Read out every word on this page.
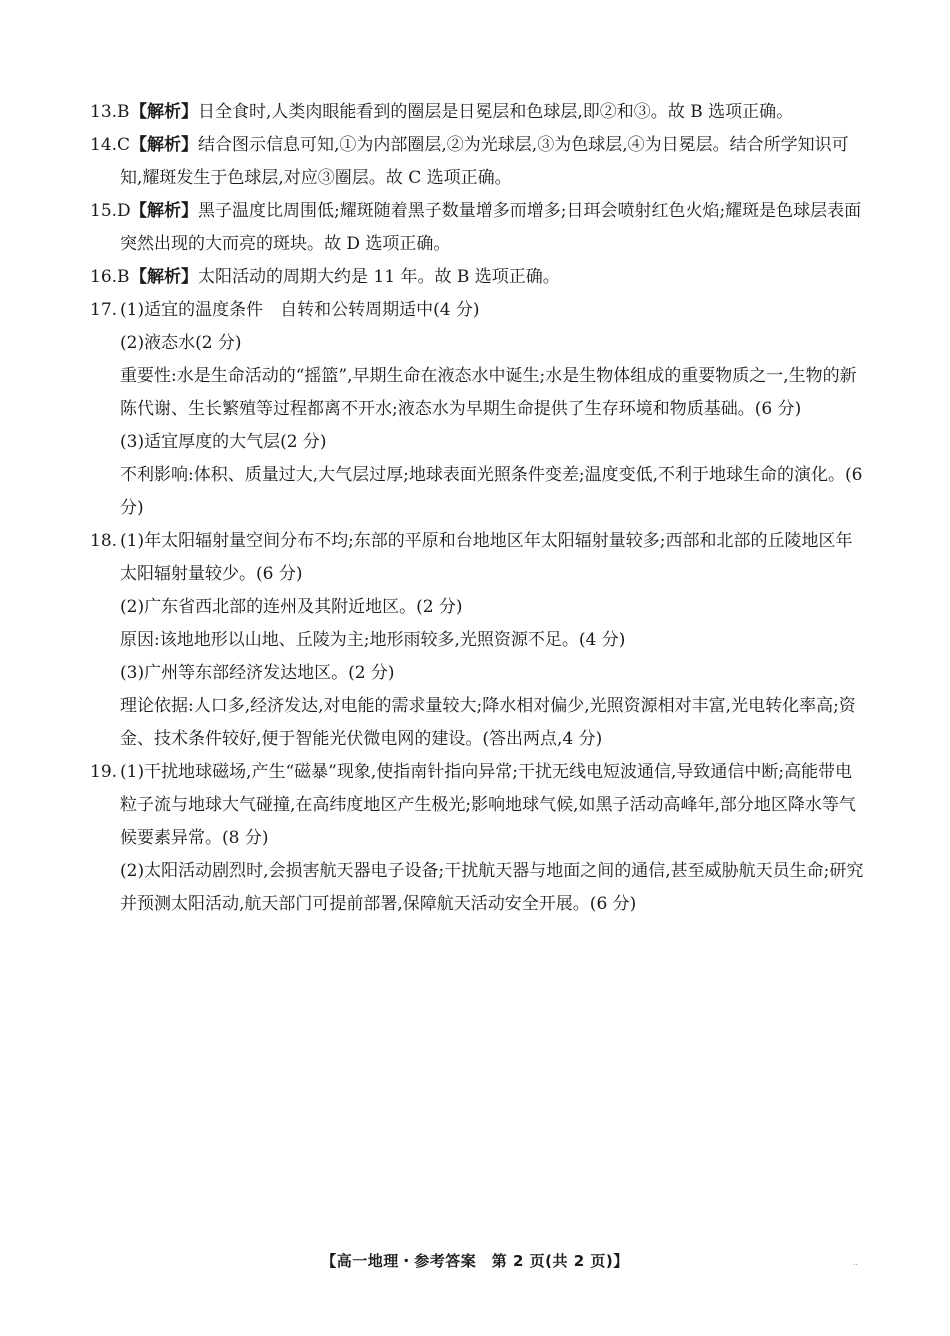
13.B 【解析】日全食时,人类肉眼能看到的圈层是日冕层和色球层,即②和③。故 B 选项正确。
14.C 【解析】结合图示信息可知,①为内部圈层,②为光球层,③为色球层,④为日冕层。结合所学知识可知,耀斑发生于色球层,对应③圈层。故 C 选项正确。
15.D 【解析】黑子温度比周围低;耀斑随着黑子数量增多而增多;日珥会喷射红色火焰;耀斑是色球层表面突然出现的大而亮的斑块。故 D 选项正确。
16.B 【解析】太阳活动的周期大约是 11 年。故 B 选项正确。
17. (1)适宜的温度条件　自转和公转周期适中(4 分)

(2)液态水(2 分)

重要性:水是生命活动的“摇篮”,早期生命在液态水中诞生;水是生物体组成的重要物质之一,生物的新陈代谢、生长繁殖等过程都离不开水;液态水为早期生命提供了生存环境和物质基础。(6 分)

(3)适宜厚度的大气层(2 分)

不利影响:体积、质量过大,大气层过厚;地球表面光照条件变差;温度变低,不利于地球生命的演化。(6 分)

18. (1)年太阳辐射量空间分布不均;东部的平原和台地地区年太阳辐射量较多;西部和北部的丘陵地区年太阳辐射量较少。(6 分)

(2)广东省西北部的连州及其附近地区。(2 分)

原因:该地地形以山地、丘陵为主;地形雨较多,光照资源不足。(4 分)

(3)广州等东部经济发达地区。(2 分)

理论依据:人口多,经济发达,对电能的需求量较大;降水相对偏少,光照资源相对丰富,光电转化率高;资金、技术条件较好,便于智能光伏微电网的建设。(答出两点,4 分)

19. (1)干扰地球磁场,产生“磁暴”现象,使指南针指向异常;干扰无线电短波通信,导致通信中断;高能带电粒子流与地球大气碰撞,在高纬度地区产生极光;影响地球气候,如黑子活动高峰年,部分地区降水等气候要素异常。(8 分)

(2)太阳活动剧烈时,会损害航天器电子设备;干扰航天器与地面之间的通信,甚至威胁航天员生命;研究并预测太阳活动,航天部门可提前部署,保障航天活动安全开展。(6 分)

【高一地理・参考答案　第 2 页(共 2 页)】	..
